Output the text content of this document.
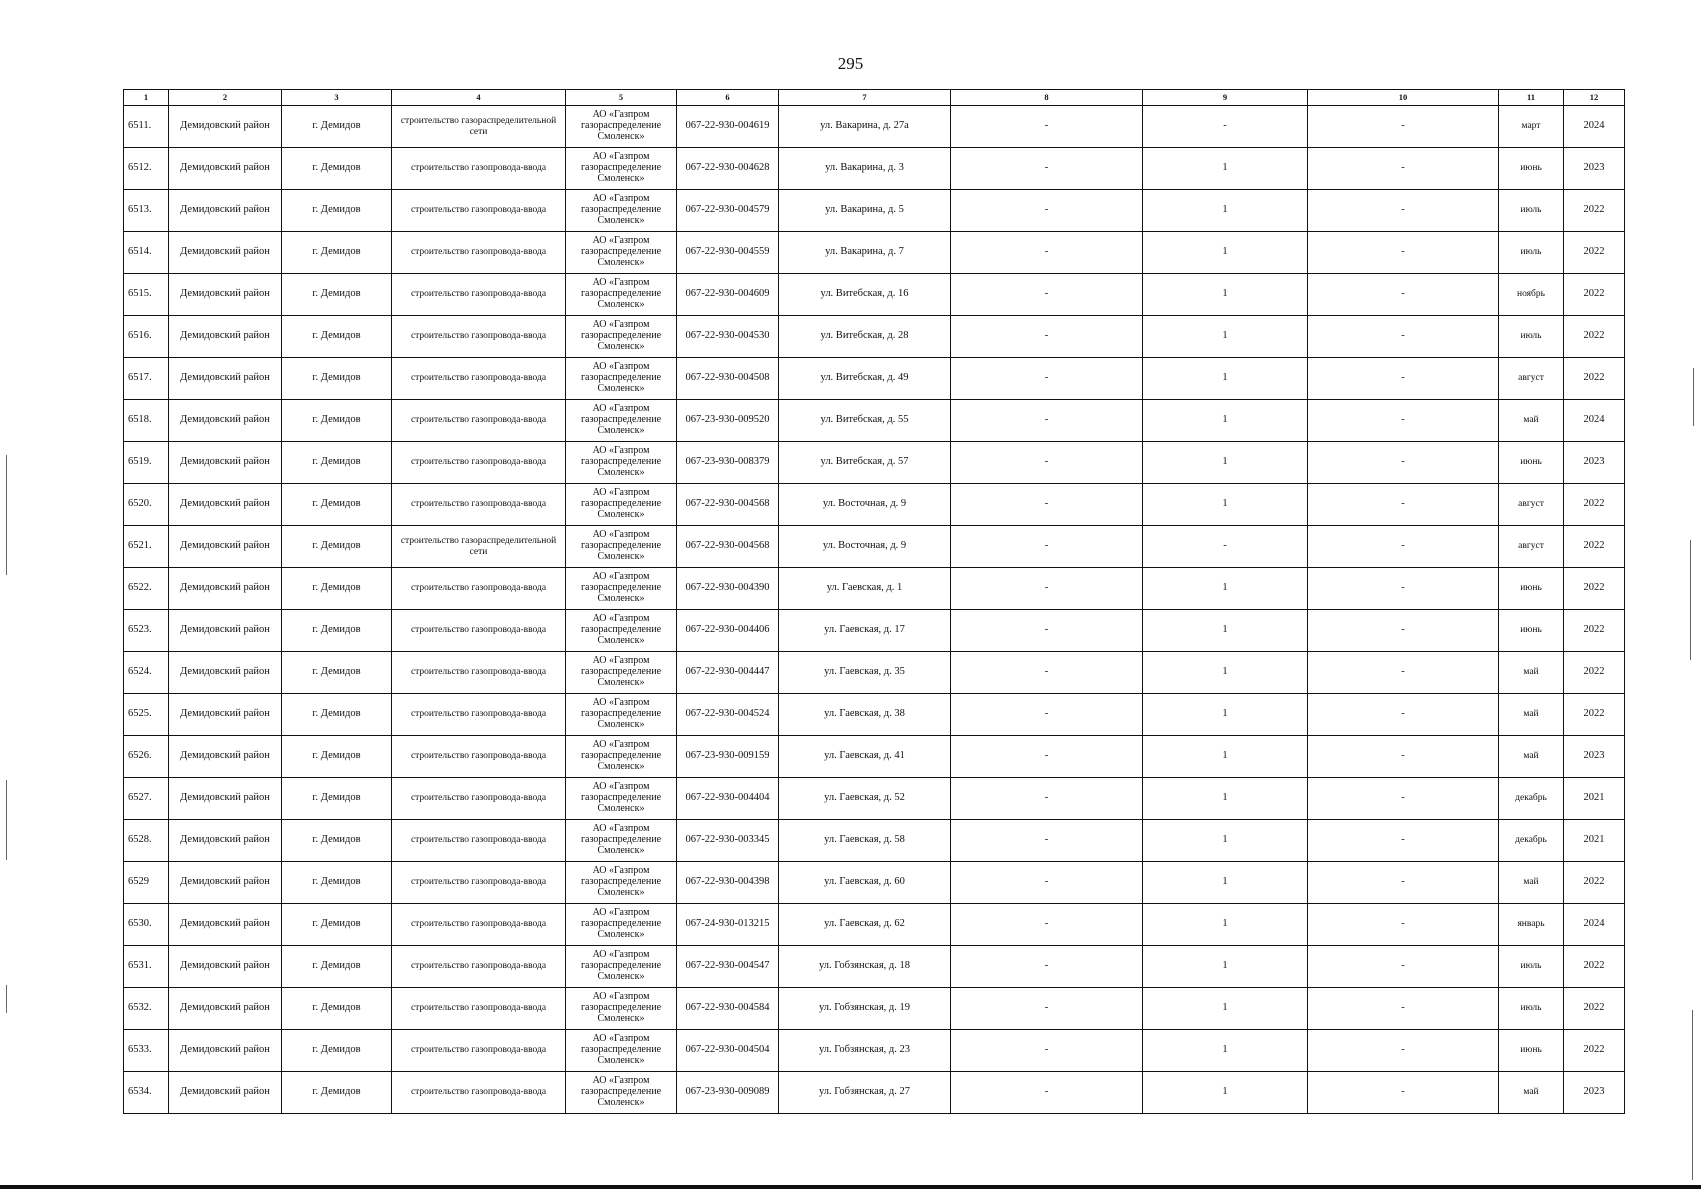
295
1	2	3	4	5	6	7	8	9	10	11	12
6511.	Демидовский район	г. Демидов	строительство газораспределительной сети	АО «Газпром газораспределение Смоленск»	067-22-930-004619	ул. Вакарина, д. 27а	-	-	-	март	2024
6512.	Демидовский район	г. Демидов	строительство газопровода-ввода	АО «Газпром газораспределение Смоленск»	067-22-930-004628	ул. Вакарина, д. 3	-	1	-	июнь	2023
6513.	Демидовский район	г. Демидов	строительство газопровода-ввода	АО «Газпром газораспределение Смоленск»	067-22-930-004579	ул. Вакарина, д. 5	-	1	-	июль	2022
6514.	Демидовский район	г. Демидов	строительство газопровода-ввода	АО «Газпром газораспределение Смоленск»	067-22-930-004559	ул. Вакарина, д. 7	-	1	-	июль	2022
6515.	Демидовский район	г. Демидов	строительство газопровода-ввода	АО «Газпром газораспределение Смоленск»	067-22-930-004609	ул. Витебская, д. 16	-	1	-	ноябрь	2022
6516.	Демидовский район	г. Демидов	строительство газопровода-ввода	АО «Газпром газораспределение Смоленск»	067-22-930-004530	ул. Витебская, д. 28	-	1	-	июль	2022
6517.	Демидовский район	г. Демидов	строительство газопровода-ввода	АО «Газпром газораспределение Смоленск»	067-22-930-004508	ул. Витебская, д. 49	-	1	-	август	2022
6518.	Демидовский район	г. Демидов	строительство газопровода-ввода	АО «Газпром газораспределение Смоленск»	067-23-930-009520	ул. Витебская, д. 55	-	1	-	май	2024
6519.	Демидовский район	г. Демидов	строительство газопровода-ввода	АО «Газпром газораспределение Смоленск»	067-23-930-008379	ул. Витебская, д. 57	-	1	-	июнь	2023
6520.	Демидовский район	г. Демидов	строительство газопровода-ввода	АО «Газпром газораспределение Смоленск»	067-22-930-004568	ул. Восточная, д. 9	-	1	-	август	2022
6521.	Демидовский район	г. Демидов	строительство газораспределительной сети	АО «Газпром газораспределение Смоленск»	067-22-930-004568	ул. Восточная, д. 9	-	-	-	август	2022
6522.	Демидовский район	г. Демидов	строительство газопровода-ввода	АО «Газпром газораспределение Смоленск»	067-22-930-004390	ул. Гаевская, д. 1	-	1	-	июнь	2022
6523.	Демидовский район	г. Демидов	строительство газопровода-ввода	АО «Газпром газораспределение Смоленск»	067-22-930-004406	ул. Гаевская, д. 17	-	1	-	июнь	2022
6524.	Демидовский район	г. Демидов	строительство газопровода-ввода	АО «Газпром газораспределение Смоленск»	067-22-930-004447	ул. Гаевская, д. 35	-	1	-	май	2022
6525.	Демидовский район	г. Демидов	строительство газопровода-ввода	АО «Газпром газораспределение Смоленск»	067-22-930-004524	ул. Гаевская, д. 38	-	1	-	май	2022
6526.	Демидовский район	г. Демидов	строительство газопровода-ввода	АО «Газпром газораспределение Смоленск»	067-23-930-009159	ул. Гаевская, д. 41	-	1	-	май	2023
6527.	Демидовский район	г. Демидов	строительство газопровода-ввода	АО «Газпром газораспределение Смоленск»	067-22-930-004404	ул. Гаевская, д. 52	-	1	-	декабрь	2021
6528.	Демидовский район	г. Демидов	строительство газопровода-ввода	АО «Газпром газораспределение Смоленск»	067-22-930-003345	ул. Гаевская, д. 58	-	1	-	декабрь	2021
6529	Демидовский район	г. Демидов	строительство газопровода-ввода	АО «Газпром газораспределение Смоленск»	067-22-930-004398	ул. Гаевская, д. 60	-	1	-	май	2022
6530.	Демидовский район	г. Демидов	строительство газопровода-ввода	АО «Газпром газораспределение Смоленск»	067-24-930-013215	ул. Гаевская, д. 62	-	1	-	январь	2024
6531.	Демидовский район	г. Демидов	строительство газопровода-ввода	АО «Газпром газораспределение Смоленск»	067-22-930-004547	ул. Гобзянская, д. 18	-	1	-	июль	2022
6532.	Демидовский район	г. Демидов	строительство газопровода-ввода	АО «Газпром газораспределение Смоленск»	067-22-930-004584	ул. Гобзянская, д. 19	-	1	-	июль	2022
6533.	Демидовский район	г. Демидов	строительство газопровода-ввода	АО «Газпром газораспределение Смоленск»	067-22-930-004504	ул. Гобзянская, д. 23	-	1	-	июнь	2022
6534.	Демидовский район	г. Демидов	строительство газопровода-ввода	АО «Газпром газораспределение Смоленск»	067-23-930-009089	ул. Гобзянская, д. 27	-	1	-	май	2023
